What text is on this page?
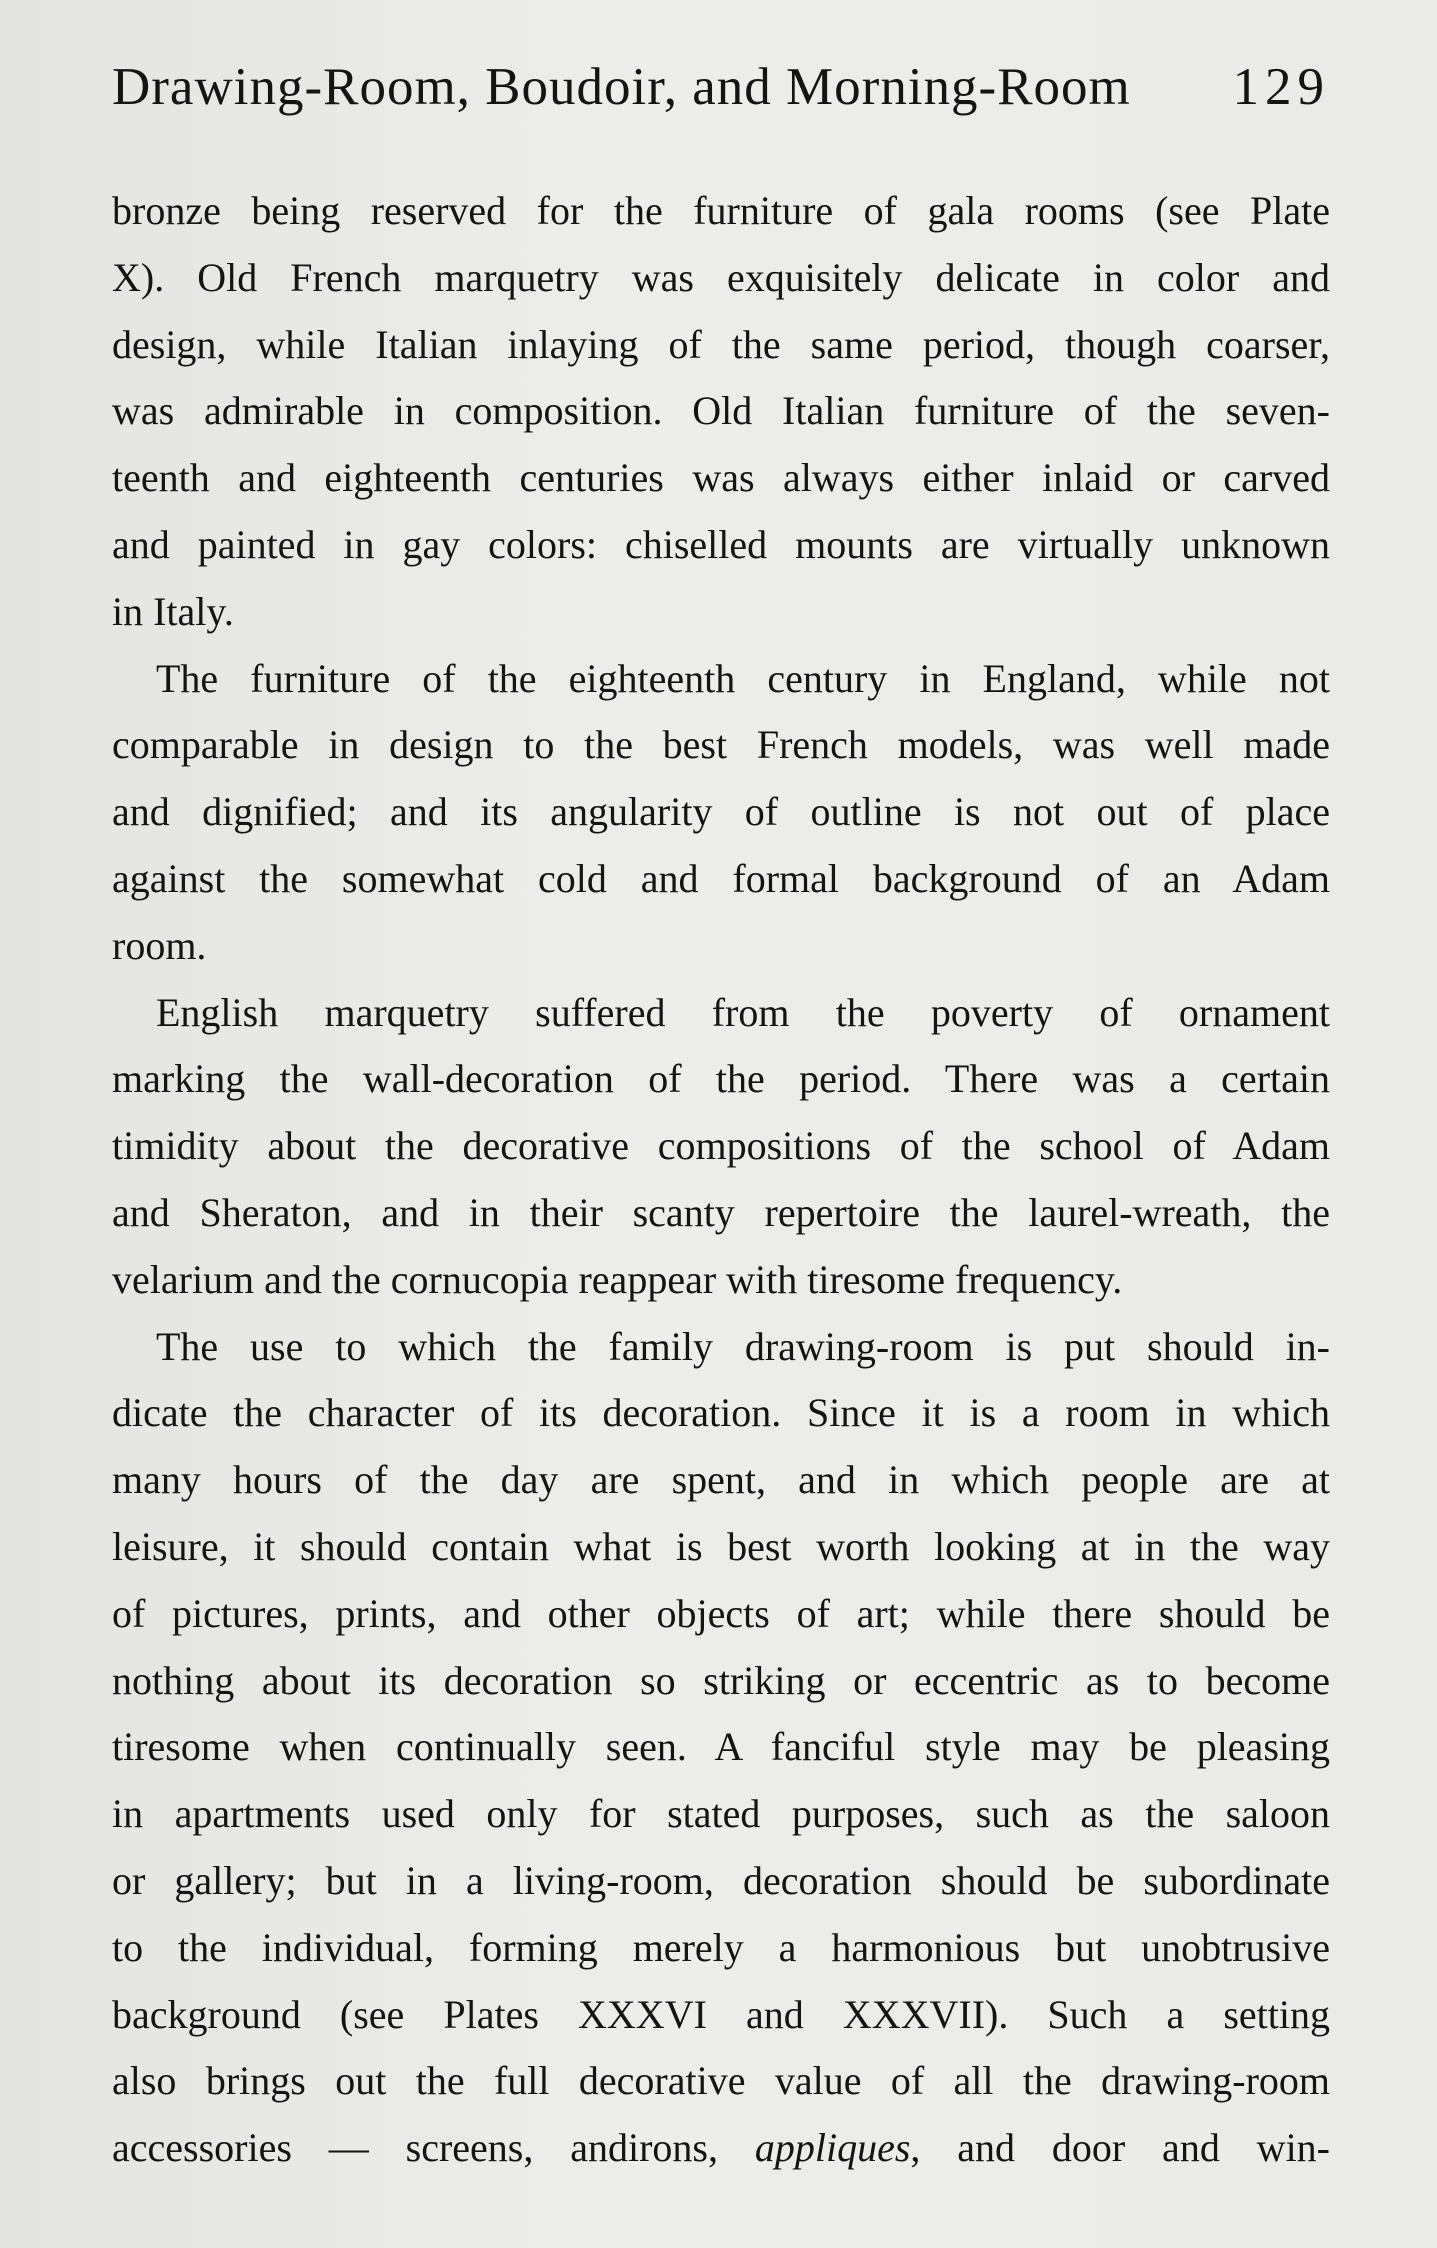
Drawing-Room, Boudoir, and Morning-Room 129
bronze being reserved for the furniture of gala rooms (see Plate
X). Old French marquetry was exquisitely delicate in color and
design, while Italian inlaying of the same period, though coarser,
was admirable in composition. Old Italian furniture of the seven-
teenth and eighteenth centuries was always either inlaid or carved
and painted in gay colors: chiselled mounts are virtually unknown
in Italy.
The furniture of the eighteenth century in England, while not
comparable in design to the best French models, was well made
and dignified; and its angularity of outline is not out of place
against the somewhat cold and formal background of an Adam
room.
English marquetry suffered from the poverty of ornament
marking the wall-decoration of the period. There was a certain
timidity about the decorative compositions of the school of Adam
and Sheraton, and in their scanty repertoire the laurel-wreath, the
velarium and the cornucopia reappear with tiresome frequency.
The use to which the family drawing-room is put should in-
dicate the character of its decoration. Since it is a room in which
many hours of the day are spent, and in which people are at
leisure, it should contain what is best worth looking at in the way
of pictures, prints, and other objects of art; while there should be
nothing about its decoration so striking or eccentric as to become
tiresome when continually seen. A fanciful style may be pleasing
in apartments used only for stated purposes, such as the saloon
or gallery; but in a living-room, decoration should be subordinate
to the individual, forming merely a harmonious but unobtrusive
background (see Plates XXXVI and XXXVII). Such a setting
also brings out the full decorative value of all the drawing-room
accessories — screens, andirons, appliques, and door and win-
